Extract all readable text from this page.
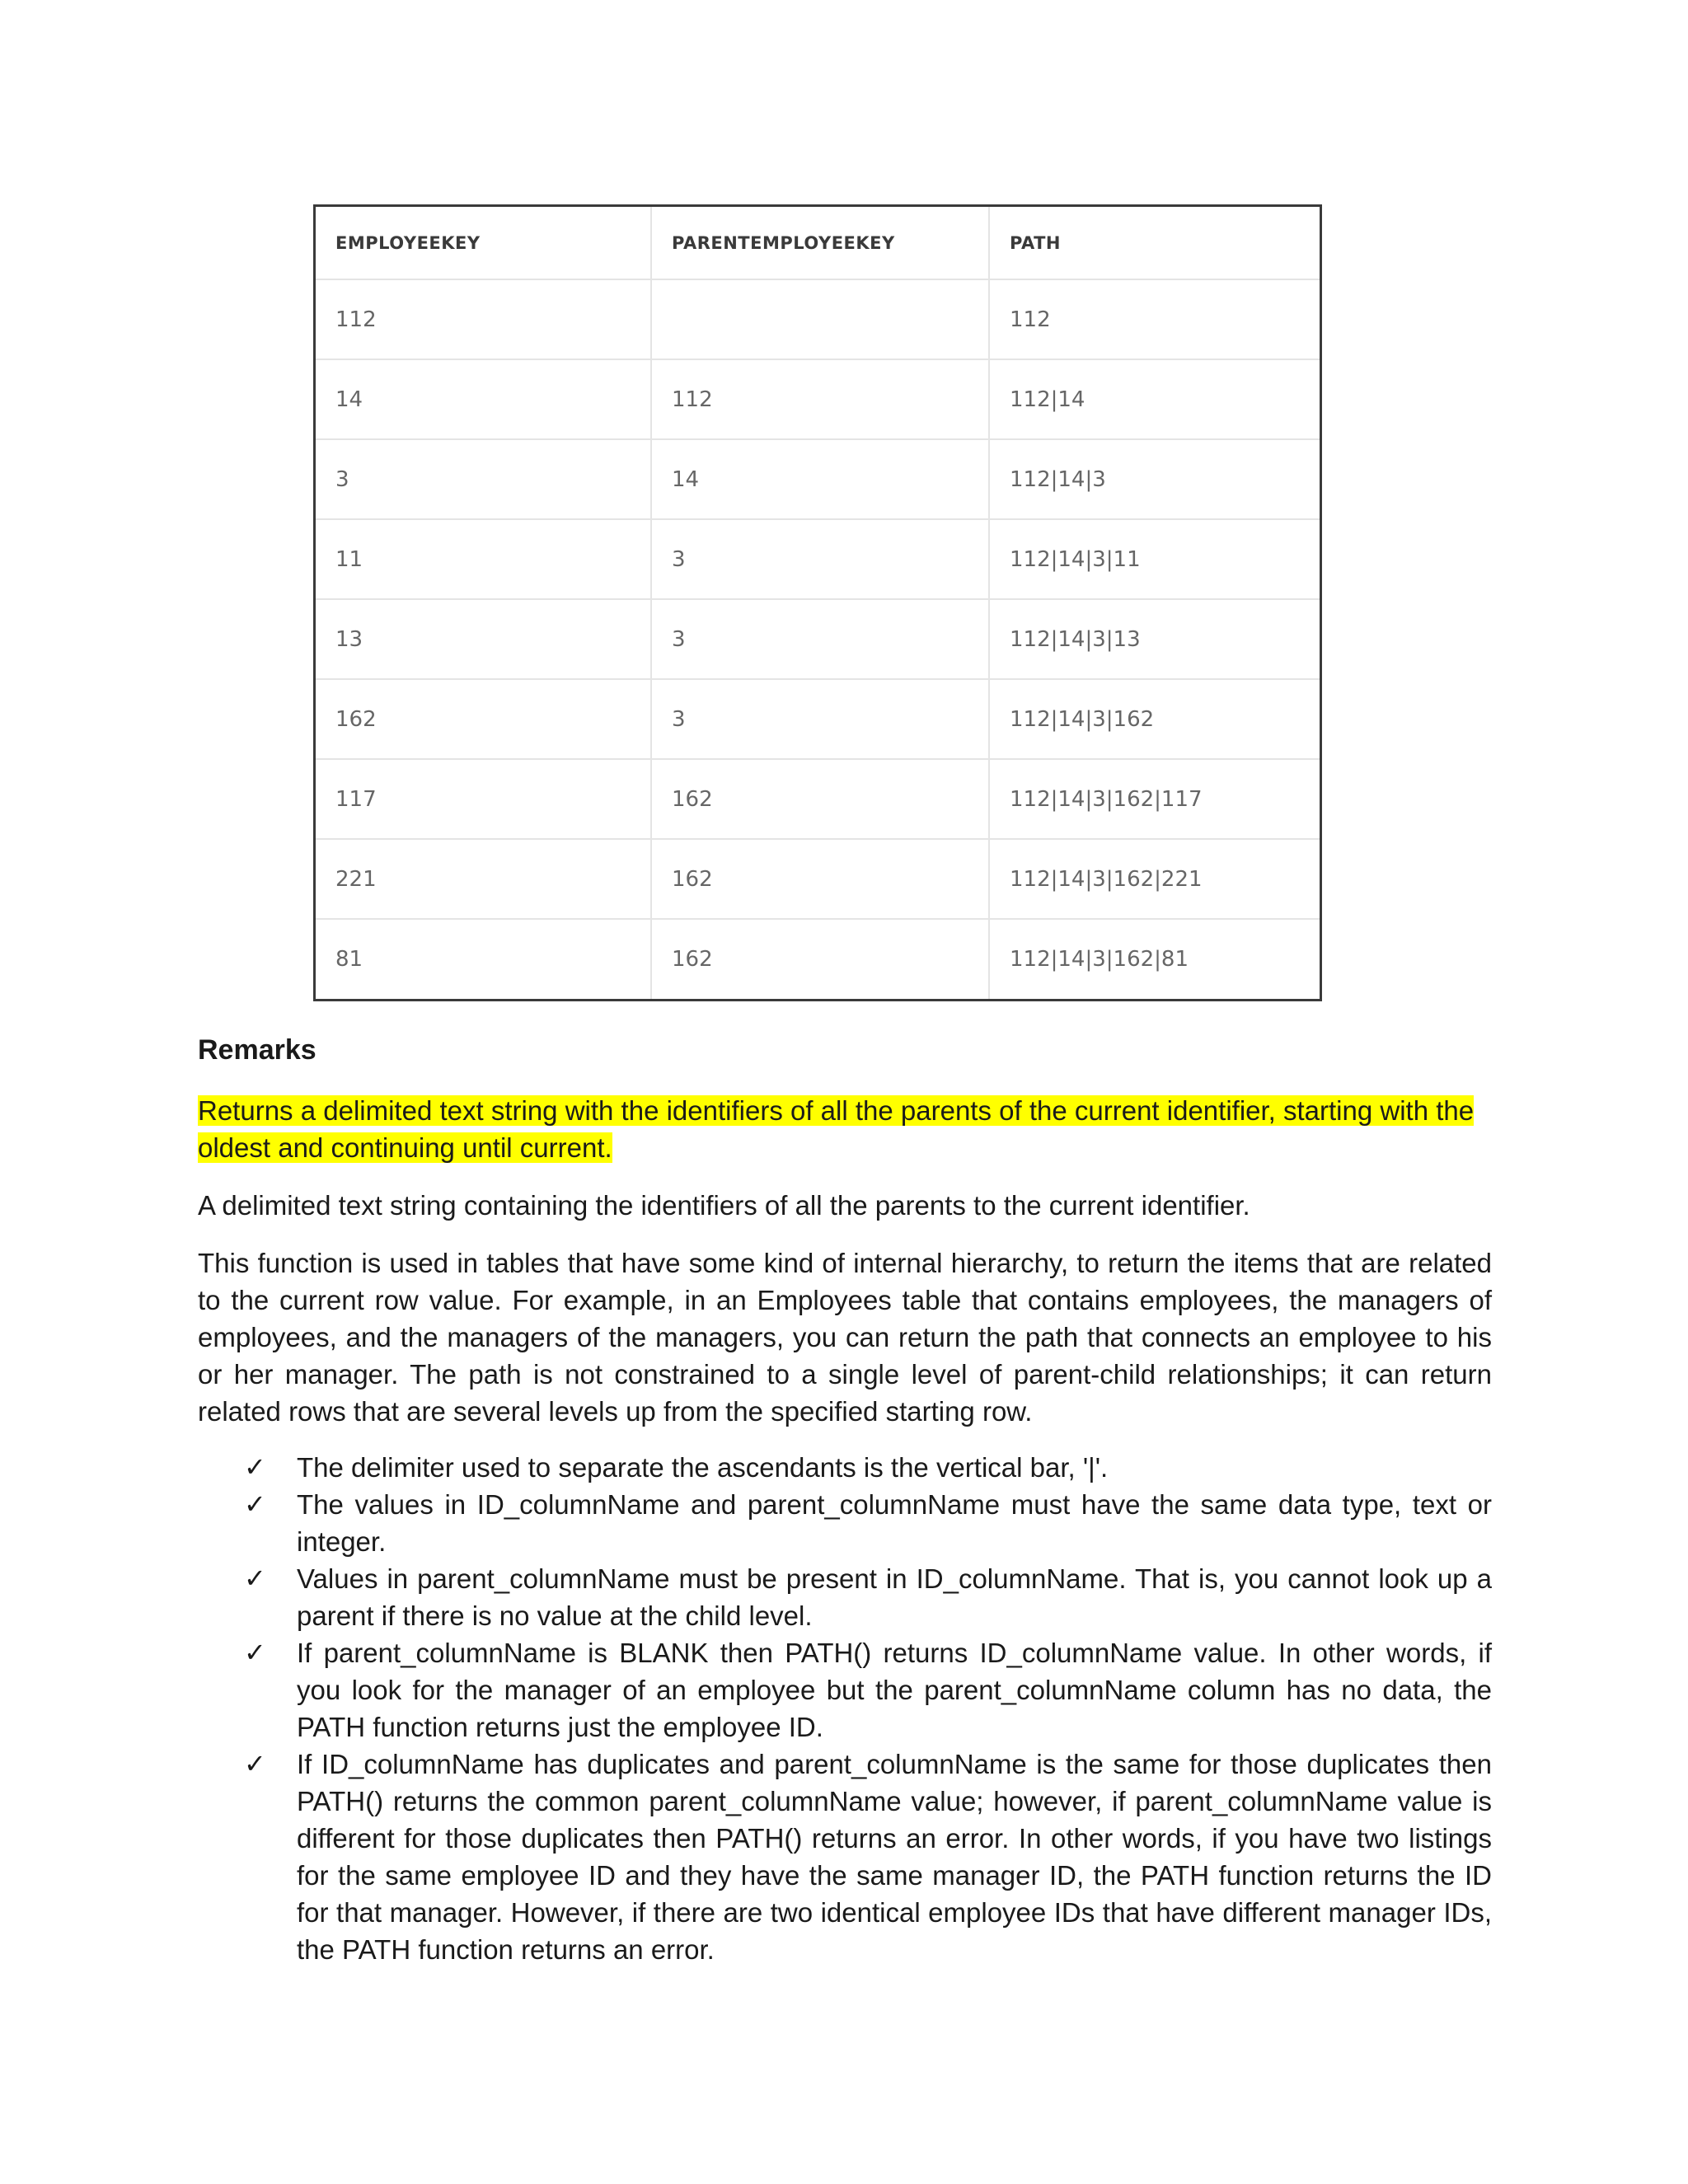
EMPLOYEEKEY	PARENTEMPLOYEEKEY	PATH
112		112
14	112	112|14
3	14	112|14|3
11	3	112|14|3|11
13	3	112|14|3|13
162	3	112|14|3|162
117	162	112|14|3|162|117
221	162	112|14|3|162|221
81	162	112|14|3|162|81
Remarks
Returns a delimited text string with the identifiers of all the parents of the current identifier, starting with the oldest and continuing until current.
A delimited text string containing the identifiers of all the parents to the current identifier.
This function is used in tables that have some kind of internal hierarchy, to return the items that are related to the current row value. For example, in an Employees table that contains employees, the managers of employees, and the managers of the managers, you can return the path that connects an employee to his or her manager. The path is not constrained to a single level of parent-child relationships; it can return related rows that are several levels up from the specified starting row.
✓ The delimiter used to separate the ascendants is the vertical bar, '|'.
✓ The values in ID_columnName and parent_columnName must have the same data type, text or integer.
✓ Values in parent_columnName must be present in ID_columnName. That is, you cannot look up a parent if there is no value at the child level.
✓ If parent_columnName is BLANK then PATH() returns ID_columnName value. In other words, if you look for the manager of an employee but the parent_columnName column has no data, the PATH function returns just the employee ID.
✓ If ID_columnName has duplicates and parent_columnName is the same for those duplicates then PATH() returns the common parent_columnName value; however, if parent_columnName value is different for those duplicates then PATH() returns an error. In other words, if you have two listings for the same employee ID and they have the same manager ID, the PATH function returns the ID for that manager. However, if there are two identical employee IDs that have different manager IDs, the PATH function returns an error.
